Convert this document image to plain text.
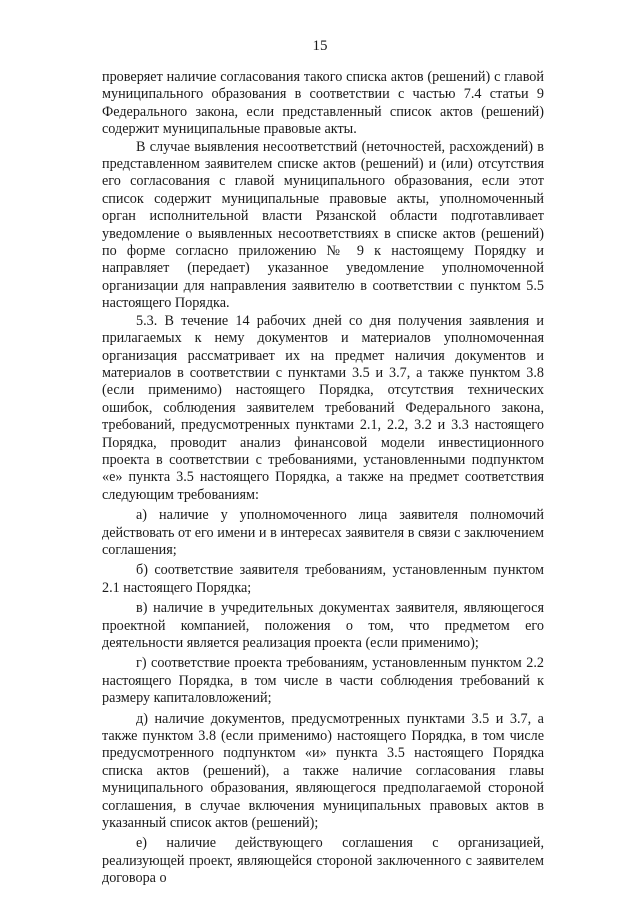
15

проверяет наличие согласования такого списка актов (решений) с главой муниципального образования в соответствии с частью 7.4 статьи 9 Федерального закона, если представленный список актов (решений) содержит муниципальные правовые акты.

В случае выявления несоответствий (неточностей, расхождений) в представленном заявителем списке актов (решений) и (или) отсутствия его согласования с главой муниципального образования, если этот список содержит муниципальные правовые акты, уполномоченный орган исполнительной власти Рязанской области подготавливает уведомление о выявленных несоответствиях в списке актов (решений) по форме согласно приложению № 9 к настоящему Порядку и направляет (передает) указанное уведомление уполномоченной организации для направления заявителю в соответствии с пунктом 5.5 настоящего Порядка.

5.3. В течение 14 рабочих дней со дня получения заявления и прилагаемых к нему документов и материалов уполномоченная организация рассматривает их на предмет наличия документов и материалов в соответствии с пунктами 3.5 и 3.7, а также пунктом 3.8 (если применимо) настоящего Порядка, отсутствия технических ошибок, соблюдения заявителем требований Федерального закона, требований, предусмотренных пунктами 2.1, 2.2, 3.2 и 3.3 настоящего Порядка, проводит анализ финансовой модели инвестиционного проекта в соответствии с требованиями, установленными подпунктом «е» пункта 3.5 настоящего Порядка, а также на предмет соответствия следующим требованиям:

а) наличие у уполномоченного лица заявителя полномочий действовать от его имени и в интересах заявителя в связи с заключением соглашения;

б) соответствие заявителя требованиям, установленным пунктом 2.1 настоящего Порядка;

в) наличие в учредительных документах заявителя, являющегося проектной компанией, положения о том, что предметом его деятельности является реализация проекта (если применимо);

г) соответствие проекта требованиям, установленным пунктом 2.2 настоящего Порядка, в том числе в части соблюдения требований к размеру капиталовложений;

д) наличие документов, предусмотренных пунктами 3.5 и 3.7, а также пунктом 3.8 (если применимо) настоящего Порядка, в том числе предусмотренного подпунктом «и» пункта 3.5 настоящего Порядка списка актов (решений), а также наличие согласования главы муниципального образования, являющегося предполагаемой стороной соглашения, в случае включения муниципальных правовых актов в указанный список актов (решений);

е) наличие действующего соглашения с организацией, реализующей проект, являющейся стороной заключенного с заявителем договора о
